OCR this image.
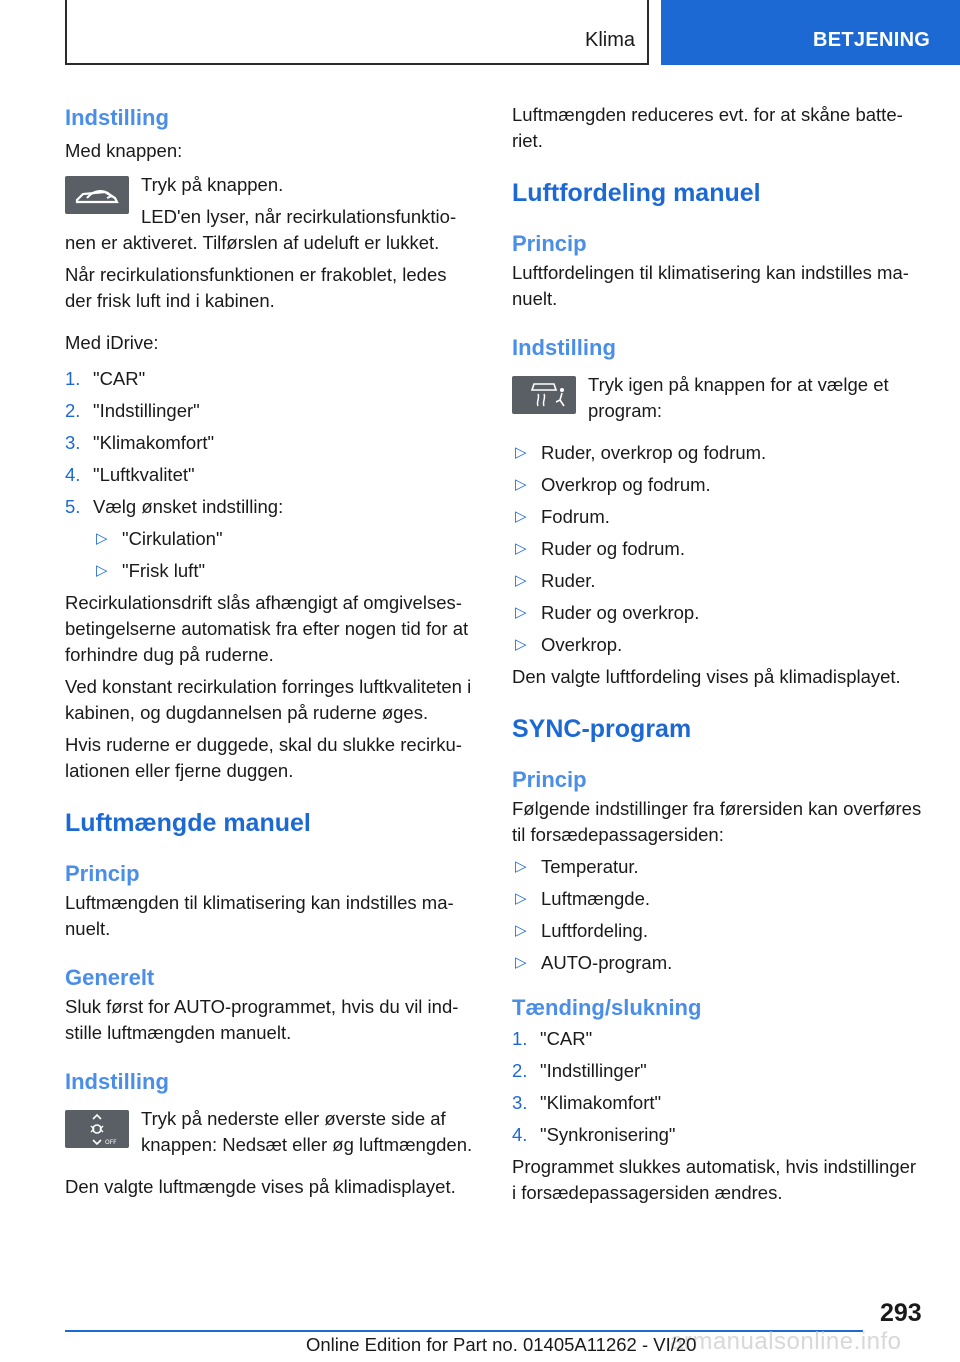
Klima	BETJENING
Indstilling
Med knappen:
Tryk på knappen.
LED'en lyser, når recirkulationsfunktionen er aktiveret. Tilførslen af udeluft er lukket.
Når recirkulationsfunktionen er frakoblet, ledes der frisk luft ind i kabinen.
Med iDrive:
1. "CAR"
2. "Indstillinger"
3. "Klimakomfort"
4. "Luftkvalitet"
5. Vælg ønsket indstilling:
▷ "Cirkulation"
▷ "Frisk luft"
Recirkulationsdrift slås afhængigt af omgivelsesbetingelserne automatisk fra efter nogen tid for at forhindre dug på ruderne.
Ved konstant recirkulation forringes luftkvaliteten i kabinen, og dugdannelsen på ruderne øges.
Hvis ruderne er duggede, skal du slukke recirkulationen eller fjerne duggen.
Luftmængde manuel
Princip
Luftmængden til klimatisering kan indstilles manuelt.
Generelt
Sluk først for AUTO-programmet, hvis du vil indstille luftmængden manuelt.
Indstilling
OFF
Tryk på nederste eller øverste side af knappen: Nedsæt eller øg luftmængden.
Den valgte luftmængde vises på klimadisplayet.
Luftmængden reduceres evt. for at skåne batteriet.
Luftfordeling manuel
Princip
Luftfordelingen til klimatisering kan indstilles manuelt.
Indstilling
Tryk igen på knappen for at vælge et program:
▷ Ruder, overkrop og fodrum.
▷ Overkrop og fodrum.
▷ Fodrum.
▷ Ruder og fodrum.
▷ Ruder.
▷ Ruder og overkrop.
▷ Overkrop.
Den valgte luftfordeling vises på klimadisplayet.
SYNC-program
Princip
Følgende indstillinger fra førersiden kan overføres til forsædepassagersiden:
▷ Temperatur.
▷ Luftmængde.
▷ Luftfordeling.
▷ AUTO-program.
Tænding/slukning
1. "CAR"
2. "Indstillinger"
3. "Klimakomfort"
4. "Synkronisering"
Programmet slukkes automatisk, hvis indstillinger i forsædepassagersiden ændres.
293
armanualsonline.info
Online Edition for Part no. 01405A11262 - VI/20
